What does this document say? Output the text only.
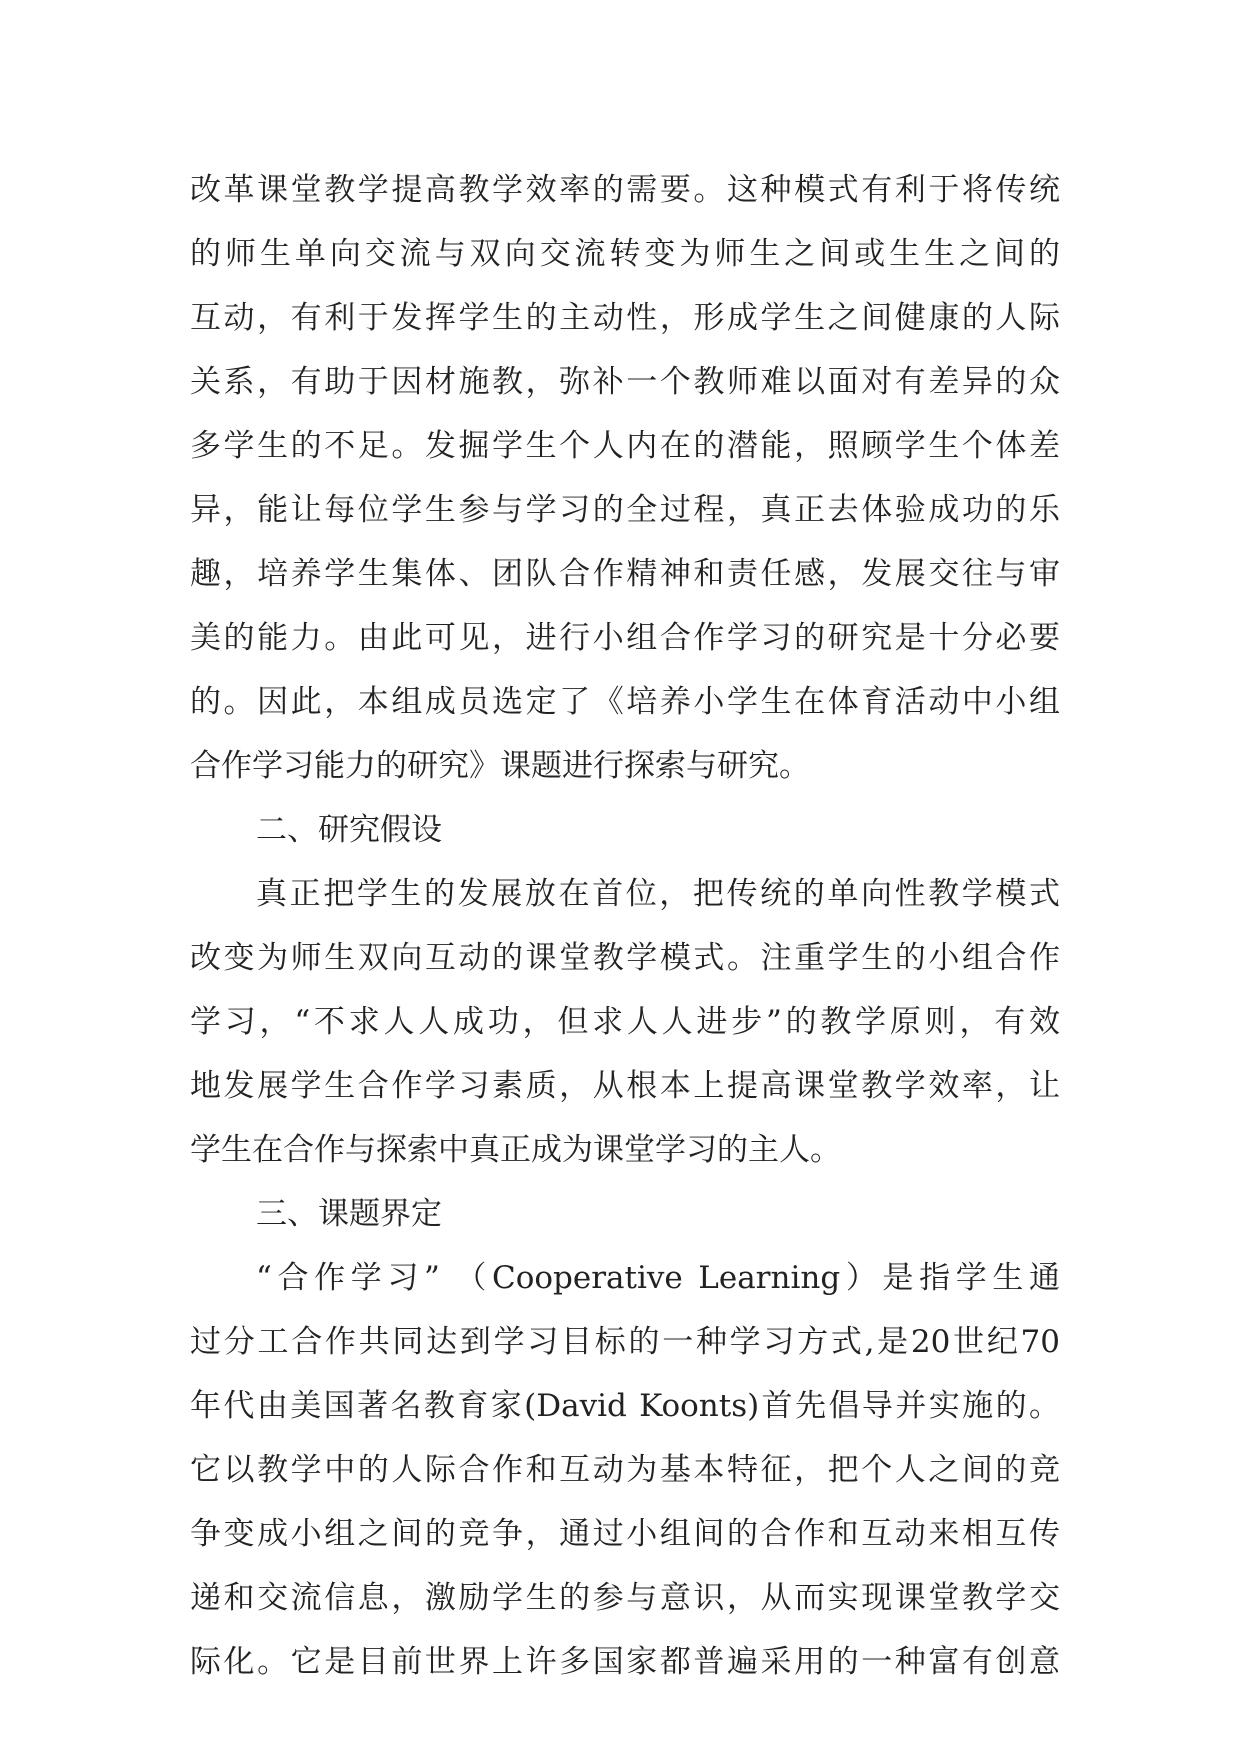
改革课堂教学提高教学效率的需要。这种模式有利于将传统
的师生单向交流与双向交流转变为师生之间或生生之间的
互动，有利于发挥学生的主动性，形成学生之间健康的人际
关系，有助于因材施教，弥补一个教师难以面对有差异的众
多学生的不足。发掘学生个人内在的潜能，照顾学生个体差
异，能让每位学生参与学习的全过程，真正去体验成功的乐
趣，培养学生集体、团队合作精神和责任感，发展交往与审
美的能力。由此可见，进行小组合作学习的研究是十分必要
的。因此，本组成员选定了《培养小学生在体育活动中小组
合作学习能力的研究》课题进行探索与研究。
二、研究假设
真正把学生的发展放在首位，把传统的单向性教学模式
改变为师生双向互动的课堂教学模式。注重学生的小组合作
学习，“不求人人成功，但求人人进步”的教学原则，有效
地发展学生合作学习素质，从根本上提高课堂教学效率，让
学生在合作与探索中真正成为课堂学习的主人。
三、课题界定
“合作学习” （Cooperative Learning）是指学生通
过分工合作共同达到学习目标的一种学习方式,是20世纪70
年代由美国著名教育家(David Koonts)首先倡导并实施的。
它以教学中的人际合作和互动为基本特征，把个人之间的竞
争变成小组之间的竞争，通过小组间的合作和互动来相互传
递和交流信息，激励学生的参与意识，从而实现课堂教学交
际化。它是目前世界上许多国家都普遍采用的一种富有创意
